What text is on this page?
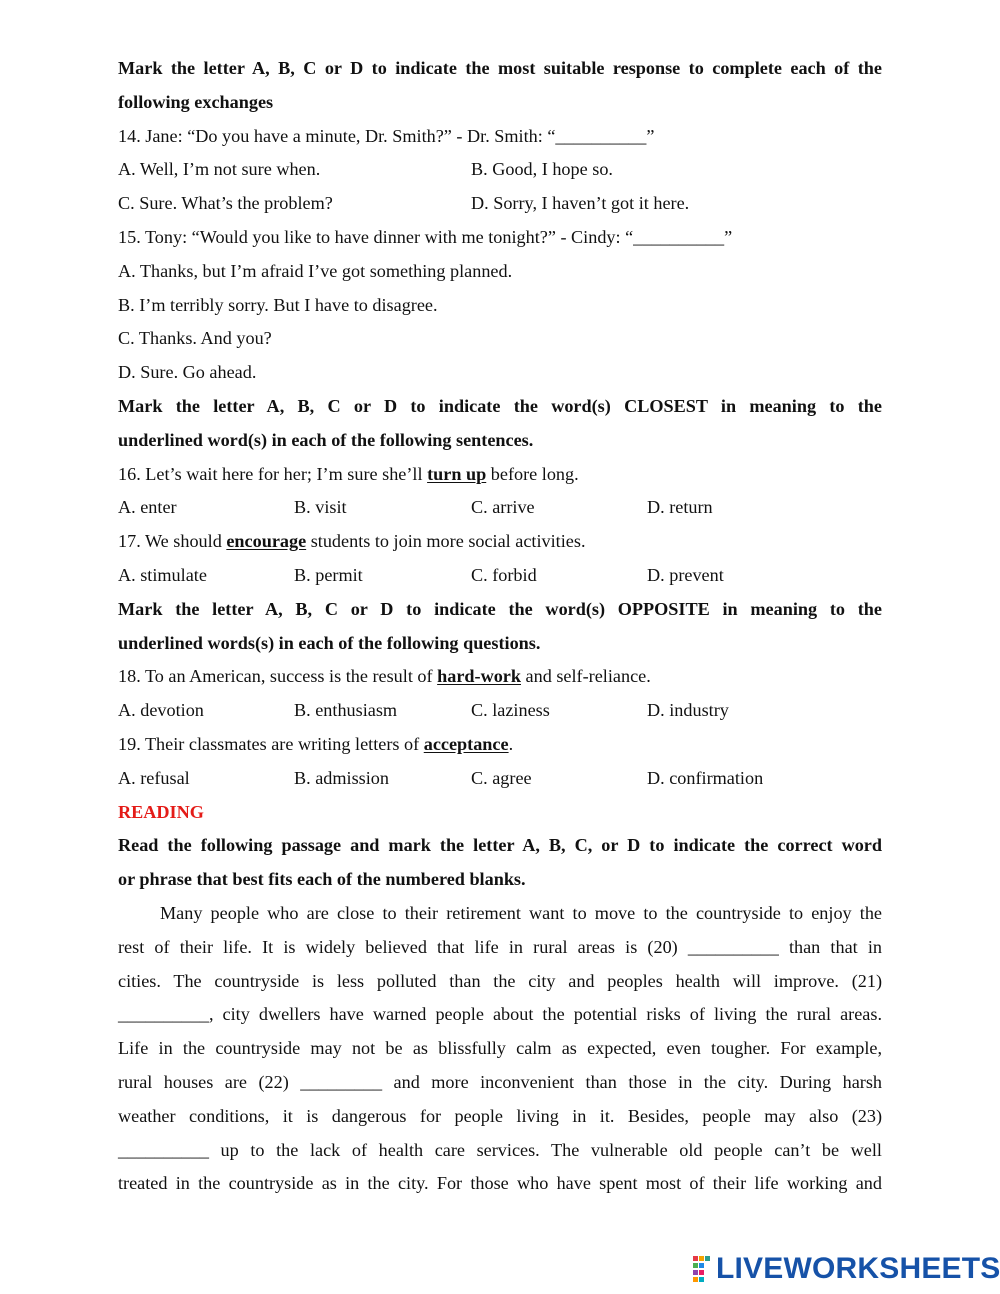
Mark the letter A, B, C or D to indicate the most suitable response to complete each of the
following exchanges
14. Jane: “Do you have a minute, Dr. Smith?” - Dr. Smith: “__________”
A. Well, I’m not sure when.	B. Good, I hope so.
C. Sure. What’s the problem?	D. Sorry, I haven’t got it here.
15. Tony: “Would you like to have dinner with me tonight?” - Cindy: “__________”
A. Thanks, but I’m afraid I’ve got something planned.
B. I’m terribly sorry. But I have to disagree.
C. Thanks. And you?
D. Sure. Go ahead.
Mark the letter A, B, C or D to indicate the word(s) CLOSEST in meaning to the
underlined word(s) in each of the following sentences.
16. Let’s wait here for her; I’m sure she’ll turn up before long.
A. enter	B. visit	C. arrive	D. return
17. We should encourage students to join more social activities.
A. stimulate	B. permit	C. forbid	D. prevent
Mark the letter A, B, C or D to indicate the word(s) OPPOSITE in meaning to the
underlined words(s) in each of the following questions.
18. To an American, success is the result of hard-work and self-reliance.
A. devotion	B. enthusiasm	C. laziness	D. industry
19. Their classmates are writing letters of acceptance.
A. refusal	B. admission	C. agree	D. confirmation
READING
Read the following passage and mark the letter A, B, C, or D to indicate the correct word
or phrase that best fits each of the numbered blanks.
Many people who are close to their retirement want to move to the countryside to enjoy the
rest of their life. It is widely believed that life in rural areas is (20) __________ than that in
cities. The countryside is less polluted than the city and peoples health will improve. (21)
__________, city dwellers have warned people about the potential risks of living the rural areas.
Life in the countryside may not be as blissfully calm as expected, even tougher. For example,
rural houses are (22) _________ and more inconvenient than those in the city. During harsh
weather conditions, it is dangerous for people living in it. Besides, people may also (23)
__________ up to the lack of health care services. The vulnerable old people can’t be well
treated in the countryside as in the city. For those who have spent most of their life working and
LIVEWORKSHEETS
